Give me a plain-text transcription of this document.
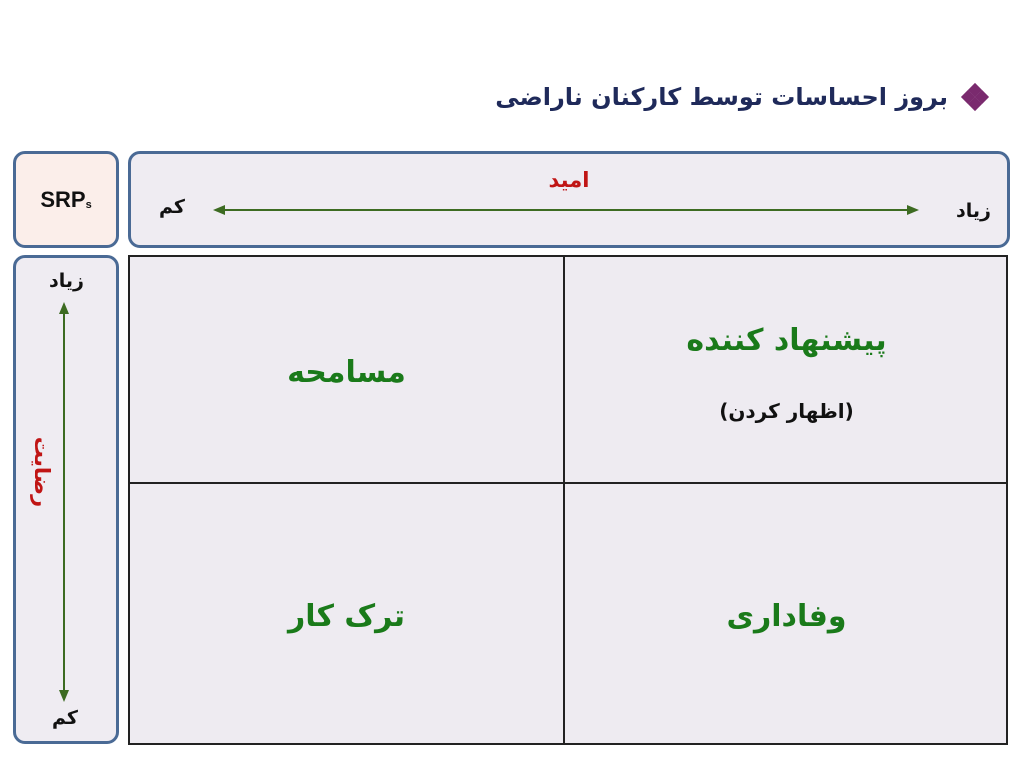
بروز احساسات توسط کارکنان ناراضی
$SRP_s$
امید
زیاد
کم
زیاد
کم
رضایت
پیشنهاد کننده
(اظهار کردن)
مسامحه
وفاداری
ترک کار
